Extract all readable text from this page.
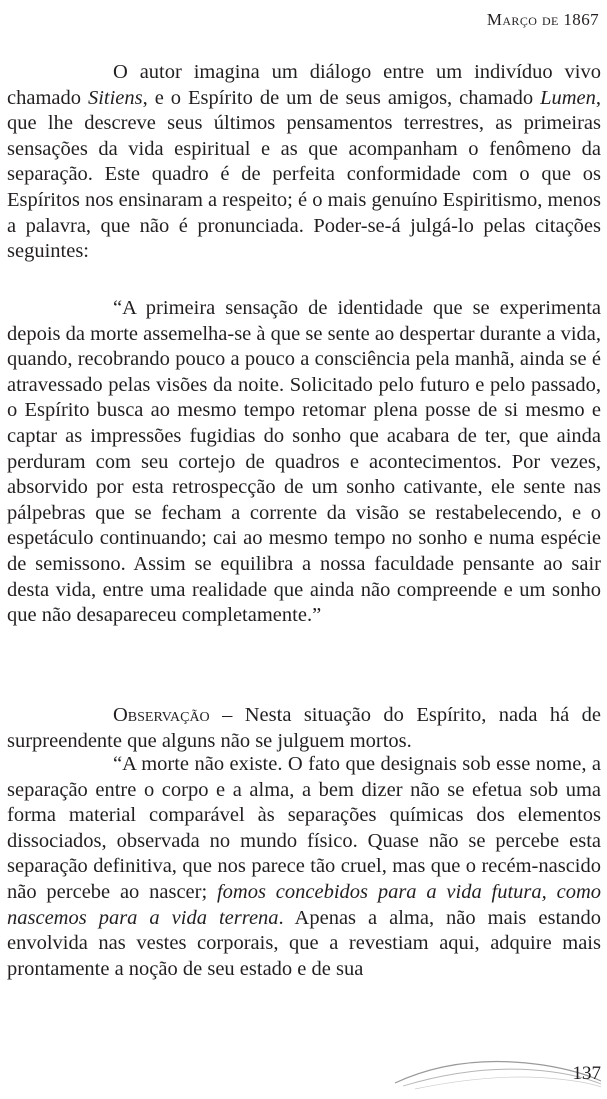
Março de 1867

O autor imagina um diálogo entre um indivíduo vivo chamado Sitiens, e o Espírito de um de seus amigos, chamado Lumen, que lhe descreve seus últimos pensamentos terrestres, as primeiras sensações da vida espiritual e as que acompanham o fenômeno da separação. Este quadro é de perfeita conformidade com o que os Espíritos nos ensinaram a respeito; é o mais genuíno Espiritismo, menos a palavra, que não é pronunciada. Poder-se-á julgá-lo pelas citações seguintes:

“A primeira sensação de identidade que se experimenta depois da morte assemelha-se à que se sente ao despertar durante a vida, quando, recobrando pouco a pouco a consciência pela manhã, ainda se é atravessado pelas visões da noite. Solicitado pelo futuro e pelo passado, o Espírito busca ao mesmo tempo retomar plena posse de si mesmo e captar as impressões fugidias do sonho que acabara de ter, que ainda perduram com seu cortejo de quadros e acontecimentos. Por vezes, absorvido por esta retrospecção de um sonho cativante, ele sente nas pálpebras que se fecham a corrente da visão se restabelecendo, e o espetáculo continuando; cai ao mesmo tempo no sonho e numa espécie de semissono. Assim se equilibra a nossa faculdade pensante ao sair desta vida, entre uma realidade que ainda não compreende e um sonho que não desapareceu completamente.”

Observação – Nesta situação do Espírito, nada há de surpreendente que alguns não se julguem mortos.

“A morte não existe. O fato que designais sob esse nome, a separação entre o corpo e a alma, a bem dizer não se efetua sob uma forma material comparável às separações químicas dos elementos dissociados, observada no mundo físico. Quase não se percebe esta separação definitiva, que nos parece tão cruel, mas que o recém-nascido não percebe ao nascer; fomos concebidos para a vida futura, como nascemos para a vida terrena. Apenas a alma, não mais estando envolvida nas vestes corporais, que a revestiam aqui, adquire mais prontamente a noção de seu estado e de sua

137
